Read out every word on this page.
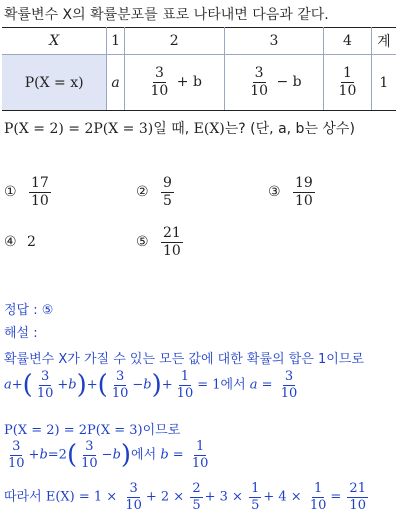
확률변수 X의 확률분포를 표로 나타내면 다음과 같다.
X	1	2	3	4	계
P(X = x)	a	$\frac{3}{10} + b$	$\frac{3}{10} - b$	$\frac{1}{10}$	1
P(X = 2) = 2P(X = 3)일 때, E(X)는? (단, a, b는 상수)
① $\frac{17}{10}$	② $\frac{9}{5}$	③ $\frac{19}{10}$
④ 2	⑤ $\frac{21}{10}$
정답 : ⑤
해설 :
확률변수 X가 가질 수 있는 모든 값에 대한 확률의 합은 1이므로
$a+( \frac{3}{10} +b)+( \frac{3}{10} -b)+ \frac{1}{10} = 1$에서 $a = \frac{3}{10}$
P(X = 2) = 2P(X = 3)이므로
$\frac{3}{10} +b=2( \frac{3}{10} -b)$에서 $b = \frac{1}{10}$
따라서 $E(X) = 1 \times \frac{3}{10} + 2 \times \frac{2}{5} + 3 \times \frac{1}{5} + 4 \times \frac{1}{10} = \frac{21}{10}$
